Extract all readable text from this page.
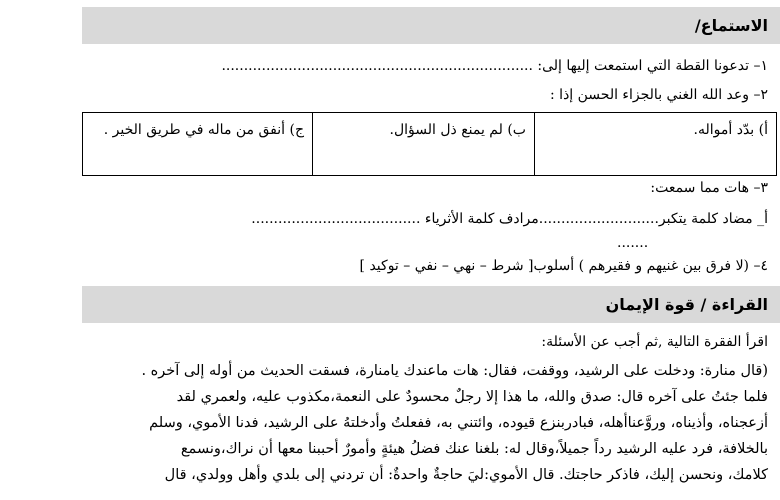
الاستماع/
١– تدعونا القطة التي استمعت إليها إلى: ......................................................................
٢– وعد الله الغني بالجزاء الحسن إذا :
أ) بدّد أمواله.	ب) لم يمنع ذل السؤال.	ج) أنفق من ماله في طريق الخير .
٣– هات مما سمعت:
أ_ مضاد كلمة يتكبر...........................مرادف كلمة الأثرياء ......................................
.......
٤– (لا فرق بين غنيهم و فقيرهم ) أسلوب[ شرط – نهي – نفي – توكيد ]
القراءة / قوة الإيمان
اقرأ الفقرة التالية ,ثم أجب عن الأسئلة:
(قال منارة: ودخلت على الرشيد، ووقفت، فقال: هات ماعندك يامنارة، فسقت الحديث من أوله إلى آخره .
فلما جئتُ على آخره قال: صدق والله، ما هذا إلا رجلٌ محسودٌ على النعمة،مكذوب عليه، ولعمري لقد
أزعجناه، وأذيناه، وروَّعناأهله، فبادربنزع قيوده، وائتني به، ففعلتُ وأدخلتهُ على الرشيد، فدنا الأموي، وسلم
بالخلافة، فرد عليه الرشيد رداً جميلاً،وقال له: بلغنا عنك فضلُ هيئةٍ وأمورٌ أحببنا معها أن نراك،ونسمع
كلامك، ونحسن إليك، فاذكر حاجتك. قال الأموي:ليَ حاجةٌ واحدةٌ: أن تردني إلى بلدي وأهل وولدي، قال
